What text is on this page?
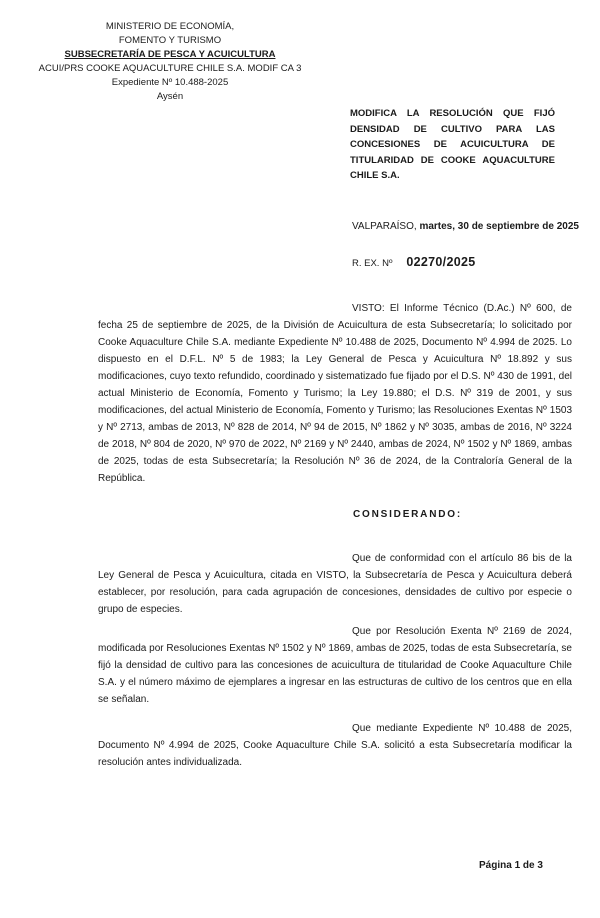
MINISTERIO DE ECONOMÍA,
FOMENTO Y TURISMO
SUBSECRETARÍA DE PESCA Y ACUICULTURA
ACUI/PRS COOKE AQUACULTURE CHILE S.A. MODIF CA 3
Expediente Nº 10.488-2025
Aysén
MODIFICA LA RESOLUCIÓN QUE FIJÓ DENSIDAD DE CULTIVO PARA LAS CONCESIONES DE ACUICULTURA DE TITULARIDAD DE COOKE AQUACULTURE CHILE S.A.
VALPARAÍSO, martes, 30 de septiembre de 2025
R. EX. Nº 02270/2025
VISTO: El Informe Técnico (D.Ac.) Nº 600, de fecha 25 de septiembre de 2025, de la División de Acuicultura de esta Subsecretaría; lo solicitado por Cooke Aquaculture Chile S.A. mediante Expediente Nº 10.488 de 2025, Documento Nº 4.994 de 2025. Lo dispuesto en el D.F.L. Nº 5 de 1983; la Ley General de Pesca y Acuicultura Nº 18.892 y sus modificaciones, cuyo texto refundido, coordinado y sistematizado fue fijado por el D.S. Nº 430 de 1991, del actual Ministerio de Economía, Fomento y Turismo; la Ley 19.880; el D.S. Nº 319 de 2001, y sus modificaciones, del actual Ministerio de Economía, Fomento y Turismo; las Resoluciones Exentas Nº 1503 y Nº 2713, ambas de 2013, Nº 828 de 2014, Nº 94 de 2015, Nº 1862 y Nº 3035, ambas de 2016, Nº 3224 de 2018, Nº 804 de 2020, Nº 970 de 2022, Nº 2169 y Nº 2440, ambas de 2024, Nº 1502 y Nº 1869, ambas de 2025, todas de esta Subsecretaría; la Resolución Nº 36 de 2024, de la Contraloría General de la República.
CONSIDERANDO:
Que de conformidad con el artículo 86 bis de la Ley General de Pesca y Acuicultura, citada en VISTO, la Subsecretaría de Pesca y Acuicultura deberá establecer, por resolución, para cada agrupación de concesiones, densidades de cultivo por especie o grupo de especies.
Que por Resolución Exenta Nº 2169 de 2024, modificada por Resoluciones Exentas Nº 1502 y Nº 1869, ambas de 2025, todas de esta Subsecretaría, se fijó la densidad de cultivo para las concesiones de acuicultura de titularidad de Cooke Aquaculture Chile S.A. y el número máximo de ejemplares a ingresar en las estructuras de cultivo de los centros que en ella se señalan.
Que mediante Expediente Nº 10.488 de 2025, Documento Nº 4.994 de 2025, Cooke Aquaculture Chile S.A. solicitó a esta Subsecretaría modificar la resolución antes individualizada.
Página 1 de 3
